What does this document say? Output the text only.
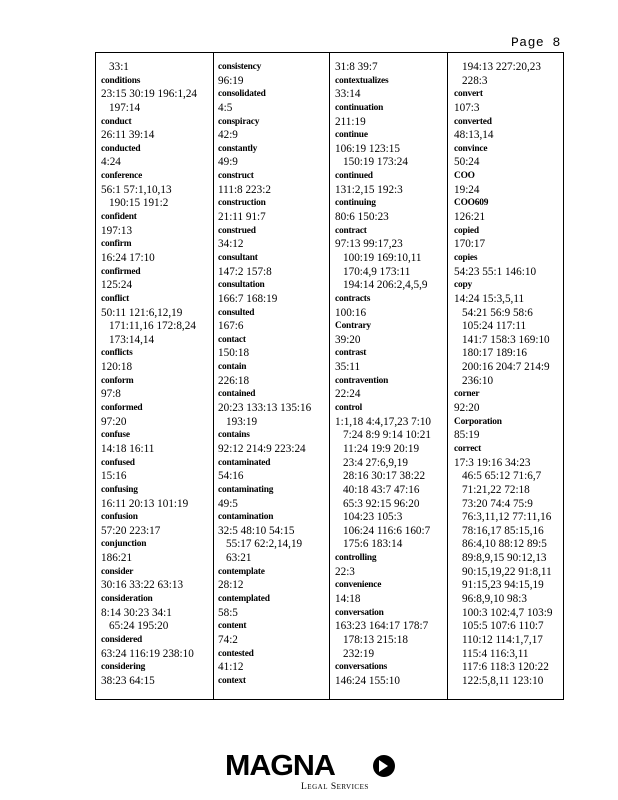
Page 8
33:1
conditions
23:15 30:19 196:1,24
197:14
conduct
26:11 39:14
conducted
4:24
conference
56:1 57:1,10,13
190:15 191:2
confident
197:13
confirm
16:24 17:10
confirmed
125:24
conflict
50:11 121:6,12,19
171:11,16 172:8,24
173:14,14
conflicts
120:18
conform
97:8
conformed
97:20
confuse
14:18 16:11
confused
15:16
confusing
16:11 20:13 101:19
confusion
57:20 223:17
conjunction
186:21
consider
30:16 33:22 63:13
consideration
8:14 30:23 34:1
65:24 195:20
considered
63:24 116:19 238:10
considering
38:23 64:15
consistency
96:19
consolidated
4:5
conspiracy
42:9
constantly
49:9
construct
111:8 223:2
construction
21:11 91:7
construed
34:12
consultant
147:2 157:8
consultation
166:7 168:19
consulted
167:6
contact
150:18
contain
226:18
contained
20:23 133:13 135:16
193:19
contains
92:12 214:9 223:24
contaminated
54:16
contaminating
49:5
contamination
32:5 48:10 54:15
55:17 62:2,14,19
63:21
contemplate
28:12
contemplated
58:5
content
74:2
contested
41:12
context
31:8 39:7
contextualizes
33:14
continuation
211:19
continue
106:19 123:15
150:19 173:24
continued
131:2,15 192:3
continuing
80:6 150:23
contract
97:13 99:17,23
100:19 169:10,11
170:4,9 173:11
194:14 206:2,4,5,9
contracts
100:16
Contrary
39:20
contrast
35:11
contravention
22:24
control
1:1,18 4:4,17,23 7:10
7:24 8:9 9:14 10:21
11:24 19:9 20:19
23:4 27:6,9,19
28:16 30:17 38:22
40:18 43:7 47:16
65:3 92:15 96:20
104:23 105:3
106:24 116:6 160:7
175:6 183:14
controlling
22:3
convenience
14:18
conversation
163:23 164:17 178:7
178:13 215:18
232:19
conversations
146:24 155:10
194:13 227:20,23
228:3
convert
107:3
converted
48:13,14
convince
50:24
COO
19:24
COO609
126:21
copied
170:17
copies
54:23 55:1 146:10
copy
14:24 15:3,5,11
54:21 56:9 58:6
105:24 117:11
141:7 158:3 169:10
180:17 189:16
200:16 204:7 214:9
236:10
corner
92:20
Corporation
85:19
correct
17:3 19:16 34:23
46:5 65:12 71:6,7
71:21,22 72:18
73:20 74:4 75:9
76:3,11,12 77:11,16
78:16,17 85:15,16
86:4,10 88:12 89:5
89:8,9,15 90:12,13
90:15,19,22 91:8,11
91:15,23 94:15,19
96:8,9,10 98:3
100:3 102:4,7 103:9
105:5 107:6 110:7
110:12 114:1,7,17
115:4 116:3,11
117:6 118:3 120:22
122:5,8,11 123:10
MAGNA
Legal Services
